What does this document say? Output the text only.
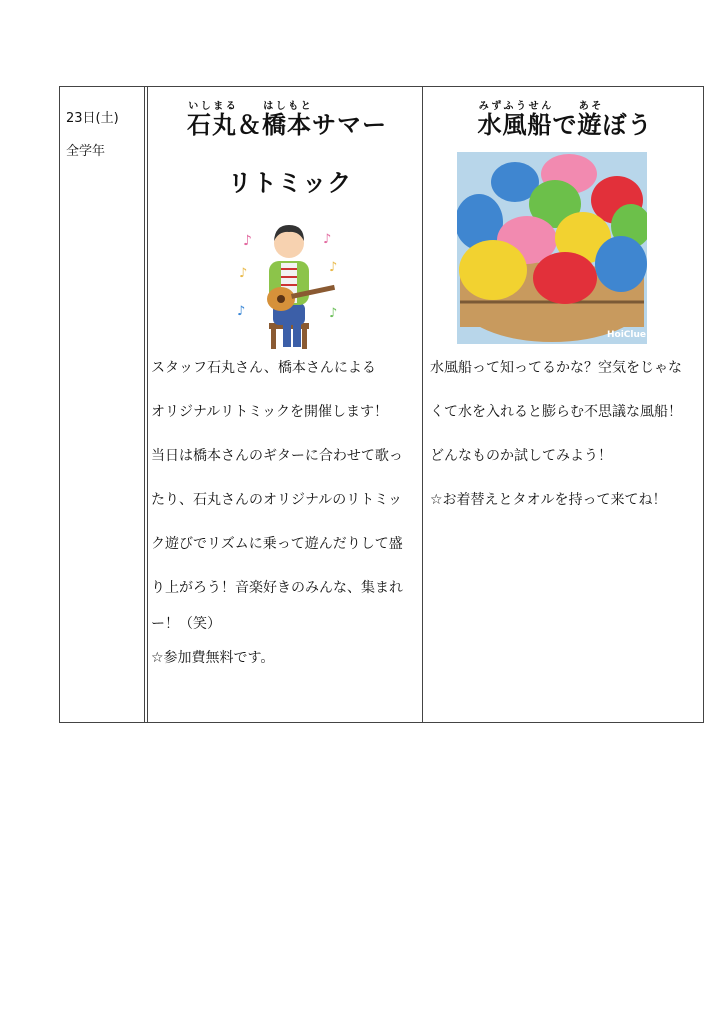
23日(土)
全学年
石丸いしまる＆橋本はしもとサマー
リトミック
♪	♪
♪	♪
♪	♪
水風船みずふうせんで遊あそぼう
HoiClue
スタッフ石丸さん、橋本さんによる
オリジナルリトミックを開催します！
当日は橋本さんのギターに合わせて歌っ
たり、石丸さんのオリジナルのリトミッ
ク遊びでリズムに乗って遊んだりして盛
り上がろう！音楽好きのみんな、集まれ
ー！（笑）
☆参加費無料です。
水風船って知ってるかな？空気をじゃな
くて水を入れると膨らむ不思議な風船！
どんなものか試してみよう！
☆お着替えとタオルを持って来てね！
